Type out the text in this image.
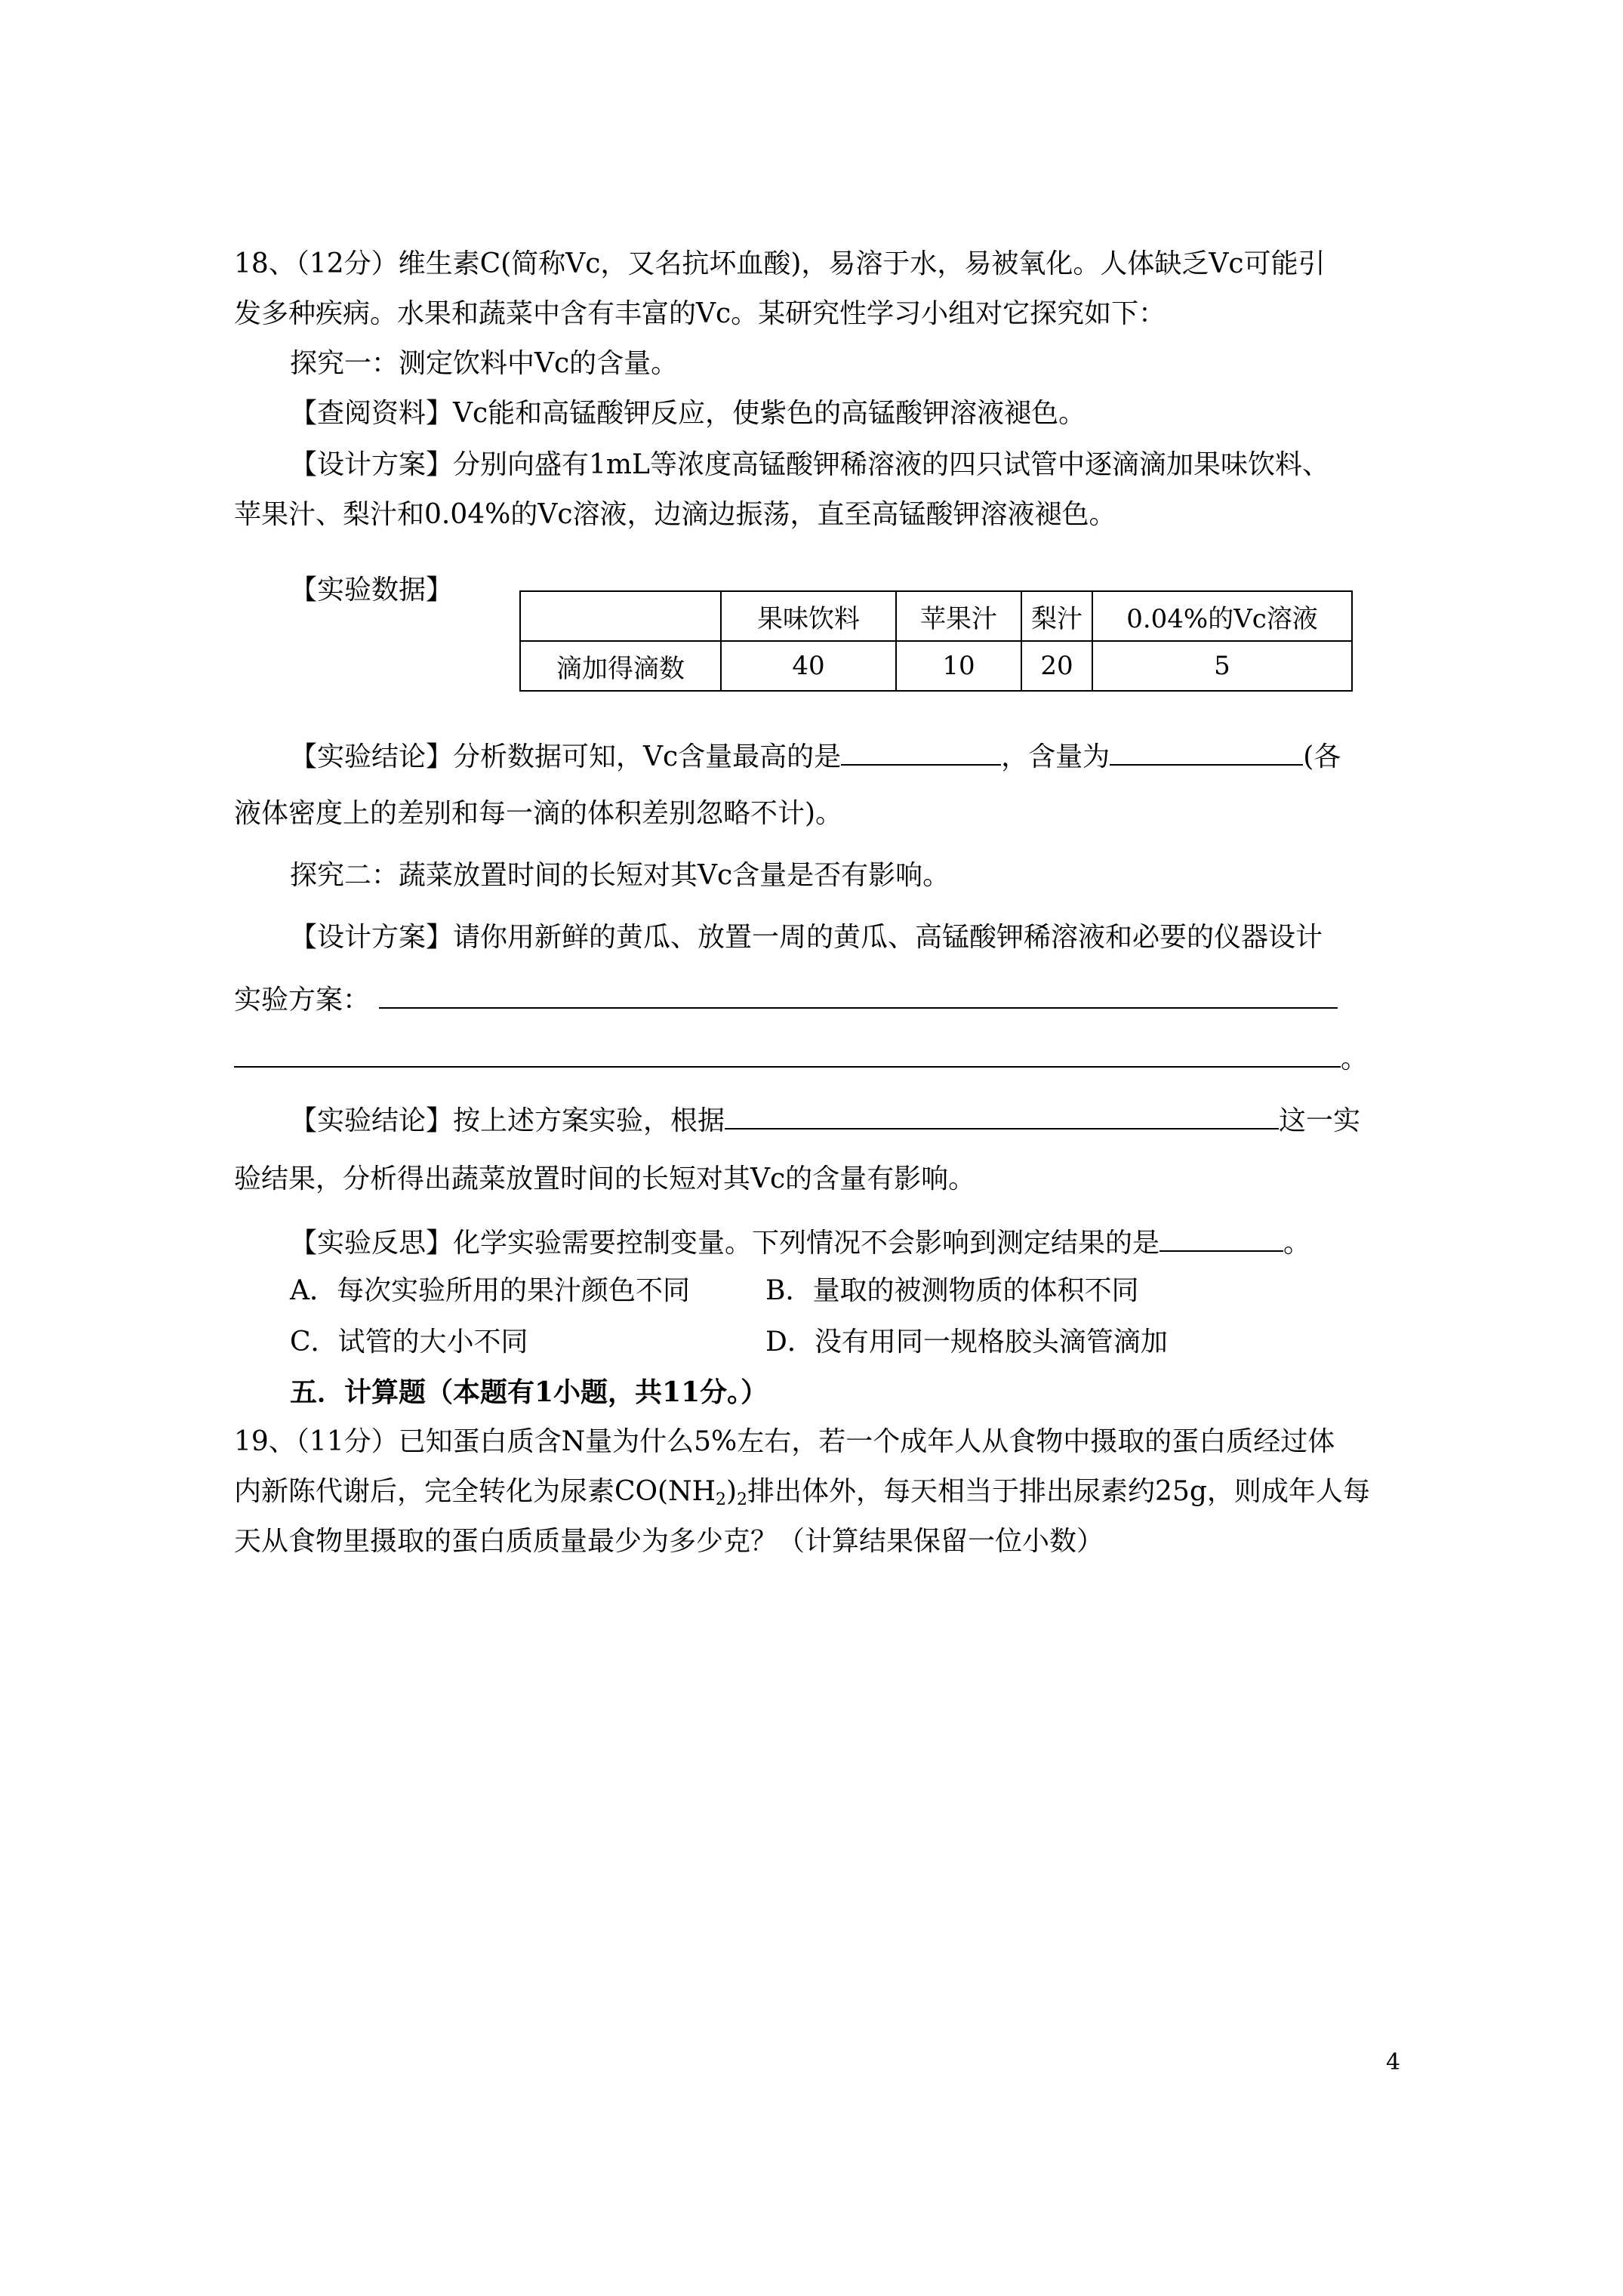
18、（12分）维生素C(简称Vc，又名抗坏血酸)，易溶于水，易被氧化。人体缺乏Vc可能引
发多种疾病。水果和蔬菜中含有丰富的Vc。某研究性学习小组对它探究如下：
探究一：测定饮料中Vc的含量。
【查阅资料】Vc能和高锰酸钾反应，使紫色的高锰酸钾溶液褪色。
【设计方案】分别向盛有1mL等浓度高锰酸钾稀溶液的四只试管中逐滴滴加果味饮料、
苹果汁、梨汁和0.04%的Vc溶液，边滴边振荡，直至高锰酸钾溶液褪色。
【实验数据】
	果味饮料	苹果汁	梨汁	0.04%的Vc溶液
滴加得滴数	40	10	20	5
【实验结论】分析数据可知，Vc含量最高的是	，含量为	(各
液体密度上的差别和每一滴的体积差别忽略不计)。
探究二：蔬菜放置时间的长短对其Vc含量是否有影响。
【设计方案】请你用新鲜的黄瓜、放置一周的黄瓜、高锰酸钾稀溶液和必要的仪器设计
实验方案：
。
【实验结论】按上述方案实验，根据	这一实
验结果，分析得出蔬菜放置时间的长短对其Vc的含量有影响。
【实验反思】化学实验需要控制变量。下列情况不会影响到测定结果的是	。
A．每次实验所用的果汁颜色不同	B．量取的被测物质的体积不同
C．试管的大小不同	D．没有用同一规格胶头滴管滴加
五．计算题（本题有1小题，共11分。）
19、（11分）已知蛋白质含N量为什么5%左右，若一个成年人从食物中摄取的蛋白质经过体
内新陈代谢后，完全转化为尿素$CO(NH_2)_2$排出体外，每天相当于排出尿素约25g，则成年人每
天从食物里摄取的蛋白质质量最少为多少克？（计算结果保留一位小数）
4
